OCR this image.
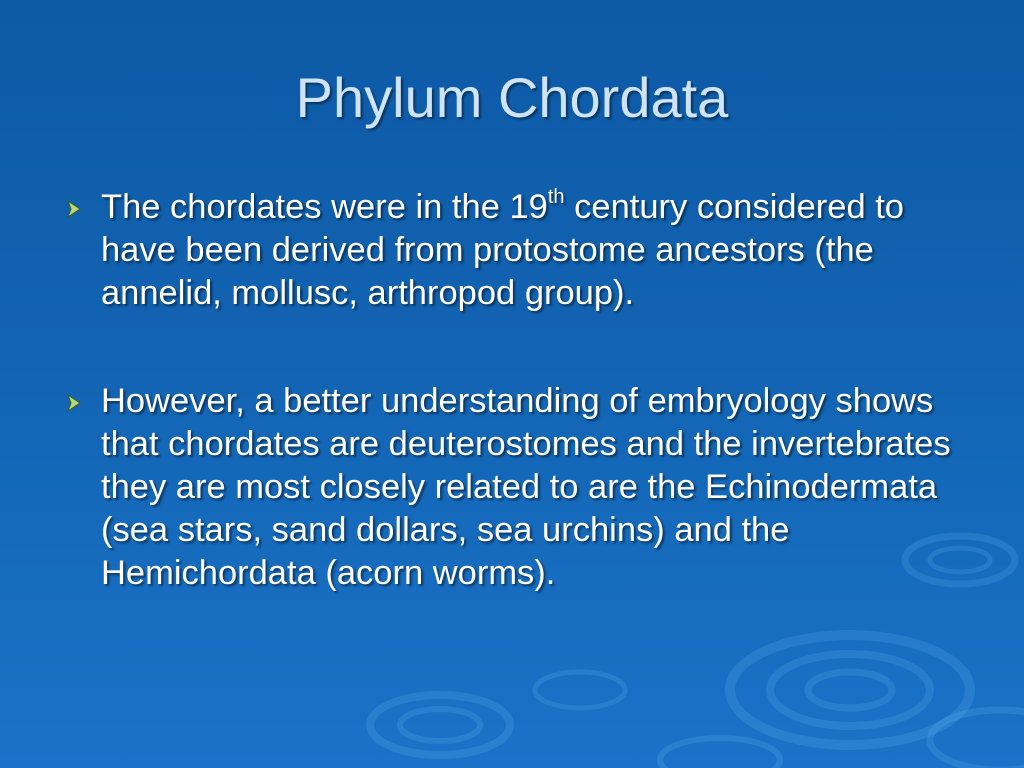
Phylum Chordata
The chordates were in the 19th century considered to have been derived from protostome ancestors (the annelid, mollusc, arthropod group).
However, a better understanding of embryology shows that chordates are deuterostomes and the invertebrates they are most closely related to are the Echinodermata (sea stars, sand dollars, sea urchins) and the Hemichordata (acorn worms).
